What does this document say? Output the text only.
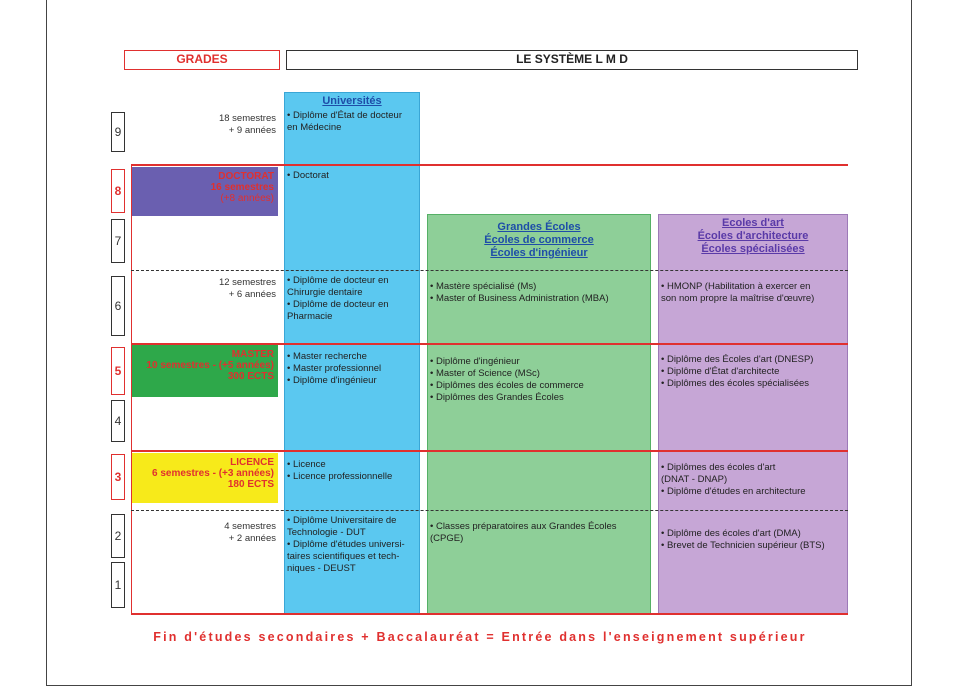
GRADES	LE SYSTÈME L M D
Universités
Grandes Écoles
Écoles de commerce
Écoles d'ingénieur
Ecoles d'art
Écoles d'architecture
Écoles spécialisées
DOCTORAT
16 semestres
(+8 années)
MASTER
10 semestres - (+5 années)
300 ECTS
LICENCE
6 semestres - (+3 années)
180 ECTS
9
8
7
6
5
4
3
2
1
18 semestres
+ 9 années
12 semestres
+ 6 années
4 semestres
+ 2 années
• Diplôme d'État de docteur
en Médecine
• Doctorat
• Diplôme de docteur en
Chirurgie dentaire
• Diplôme de docteur en
Pharmacie
• Master recherche
• Master professionnel
• Diplôme d'ingénieur
• Licence
• Licence professionnelle
• Diplôme Universitaire de
Technologie - DUT
• Diplôme d'études universi-
taires scientifiques et tech-
niques - DEUST
• Mastère spécialisé (Ms)
• Master of Business Administration (MBA)
• Diplôme d'ingénieur
• Master of Science (MSc)
• Diplômes des écoles de commerce
• Diplômes des Grandes Écoles
• Classes préparatoires aux Grandes Écoles
(CPGE)
• HMONP (Habilitation à exercer en
son nom propre la maîtrise d'œuvre)
• Diplôme des Écoles d'art (DNESP)
• Diplôme d'État d'architecte
• Diplômes des écoles spécialisées
• Diplômes des écoles d'art
(DNAT - DNAP)
• Diplôme d'études en architecture
• Diplôme des écoles d'art (DMA)
• Brevet de Technicien supérieur (BTS)
Fin d'études secondaires + Baccalauréat = Entrée dans l'enseignement supérieur
